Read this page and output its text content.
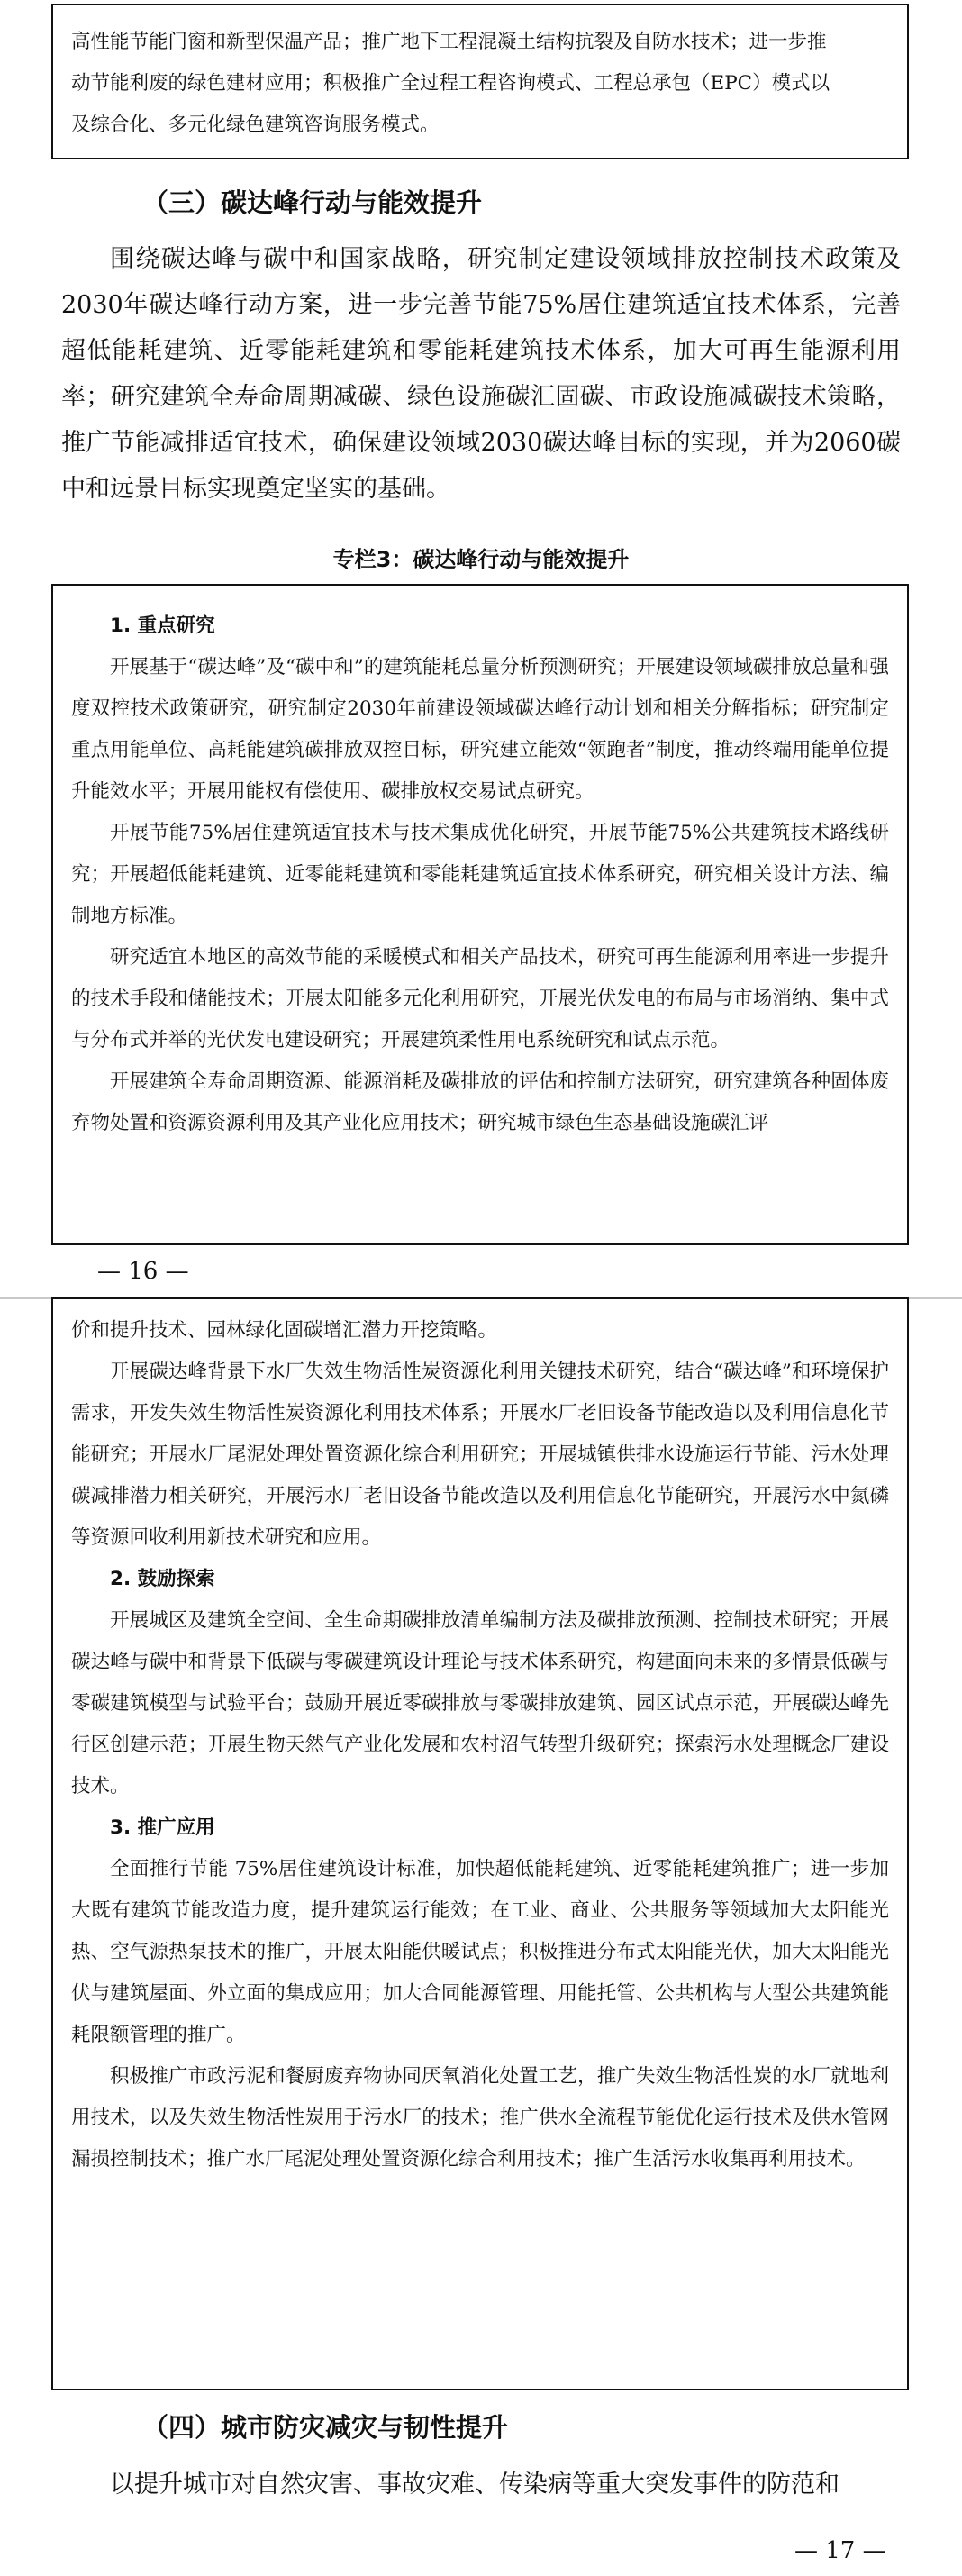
高性能节能门窗和新型保温产品；推广地下工程混凝土结构抗裂及自防水技术；进一步推

动节能利废的绿色建材应用；积极推广全过程工程咨询模式、工程总承包（EPC）模式以

及综合化、多元化绿色建筑咨询服务模式。

（三）碳达峰行动与能效提升

围绕碳达峰与碳中和国家战略，研究制定建设领域排放控制技术政策及2030年碳达峰行动方案，进一步完善节能75%居住建筑适宜技术体系，完善超低能耗建筑、近零能耗建筑和零能耗建筑技术体系，加大可再生能源利用率；研究建筑全寿命周期减碳、绿色设施碳汇固碳、市政设施减碳技术策略，推广节能减排适宜技术，确保建设领域2030碳达峰目标的实现，并为2060碳中和远景目标实现奠定坚实的基础。

专栏3：碳达峰行动与能效提升

1. 重点研究

开展基于“碳达峰”及“碳中和”的建筑能耗总量分析预测研究；开展建设领域碳排放总量和强度双控技术政策研究，研究制定2030年前建设领域碳达峰行动计划和相关分解指标；研究制定重点用能单位、高耗能建筑碳排放双控目标，研究建立能效“领跑者”制度，推动终端用能单位提升能效水平；开展用能权有偿使用、碳排放权交易试点研究。

开展节能75%居住建筑适宜技术与技术集成优化研究，开展节能75%公共建筑技术路线研究；开展超低能耗建筑、近零能耗建筑和零能耗建筑适宜技术体系研究，研究相关设计方法、编制地方标准。

研究适宜本地区的高效节能的采暖模式和相关产品技术，研究可再生能源利用率进一步提升的技术手段和储能技术；开展太阳能多元化利用研究，开展光伏发电的布局与市场消纳、集中式与分布式并举的光伏发电建设研究；开展建筑柔性用电系统研究和试点示范。

开展建筑全寿命周期资源、能源消耗及碳排放的评估和控制方法研究，研究建筑各种固体废弃物处置和资源资源利用及其产业化应用技术；研究城市绿色生态基础设施碳汇评

— 16 —

价和提升技术、园林绿化固碳增汇潜力开挖策略。

开展碳达峰背景下水厂失效生物活性炭资源化利用关键技术研究，结合“碳达峰”和环境保护需求，开发失效生物活性炭资源化利用技术体系；开展水厂老旧设备节能改造以及利用信息化节能研究；开展水厂尾泥处理处置资源化综合利用研究；开展城镇供排水设施运行节能、污水处理碳减排潜力相关研究，开展污水厂老旧设备节能改造以及利用信息化节能研究，开展污水中氮磷等资源回收利用新技术研究和应用。

2. 鼓励探索

开展城区及建筑全空间、全生命期碳排放清单编制方法及碳排放预测、控制技术研究；开展碳达峰与碳中和背景下低碳与零碳建筑设计理论与技术体系研究，构建面向未来的多情景低碳与零碳建筑模型与试验平台；鼓励开展近零碳排放与零碳排放建筑、园区试点示范，开展碳达峰先行区创建示范；开展生物天然气产业化发展和农村沼气转型升级研究；探索污水处理概念厂建设技术。

3. 推广应用

全面推行节能 75%居住建筑设计标准，加快超低能耗建筑、近零能耗建筑推广；进一步加大既有建筑节能改造力度，提升建筑运行能效；在工业、商业、公共服务等领域加大太阳能光热、空气源热泵技术的推广，开展太阳能供暖试点；积极推进分布式太阳能光伏，加大太阳能光伏与建筑屋面、外立面的集成应用；加大合同能源管理、用能托管、公共机构与大型公共建筑能耗限额管理的推广。

积极推广市政污泥和餐厨废弃物协同厌氧消化处置工艺，推广失效生物活性炭的水厂就地利用技术，以及失效生物活性炭用于污水厂的技术；推广供水全流程节能优化运行技术及供水管网漏损控制技术；推广水厂尾泥处理处置资源化综合利用技术；推广生活污水收集再利用技术。

（四）城市防灾减灾与韧性提升

以提升城市对自然灾害、事故灾难、传染病等重大突发事件的防范和

— 17 —
